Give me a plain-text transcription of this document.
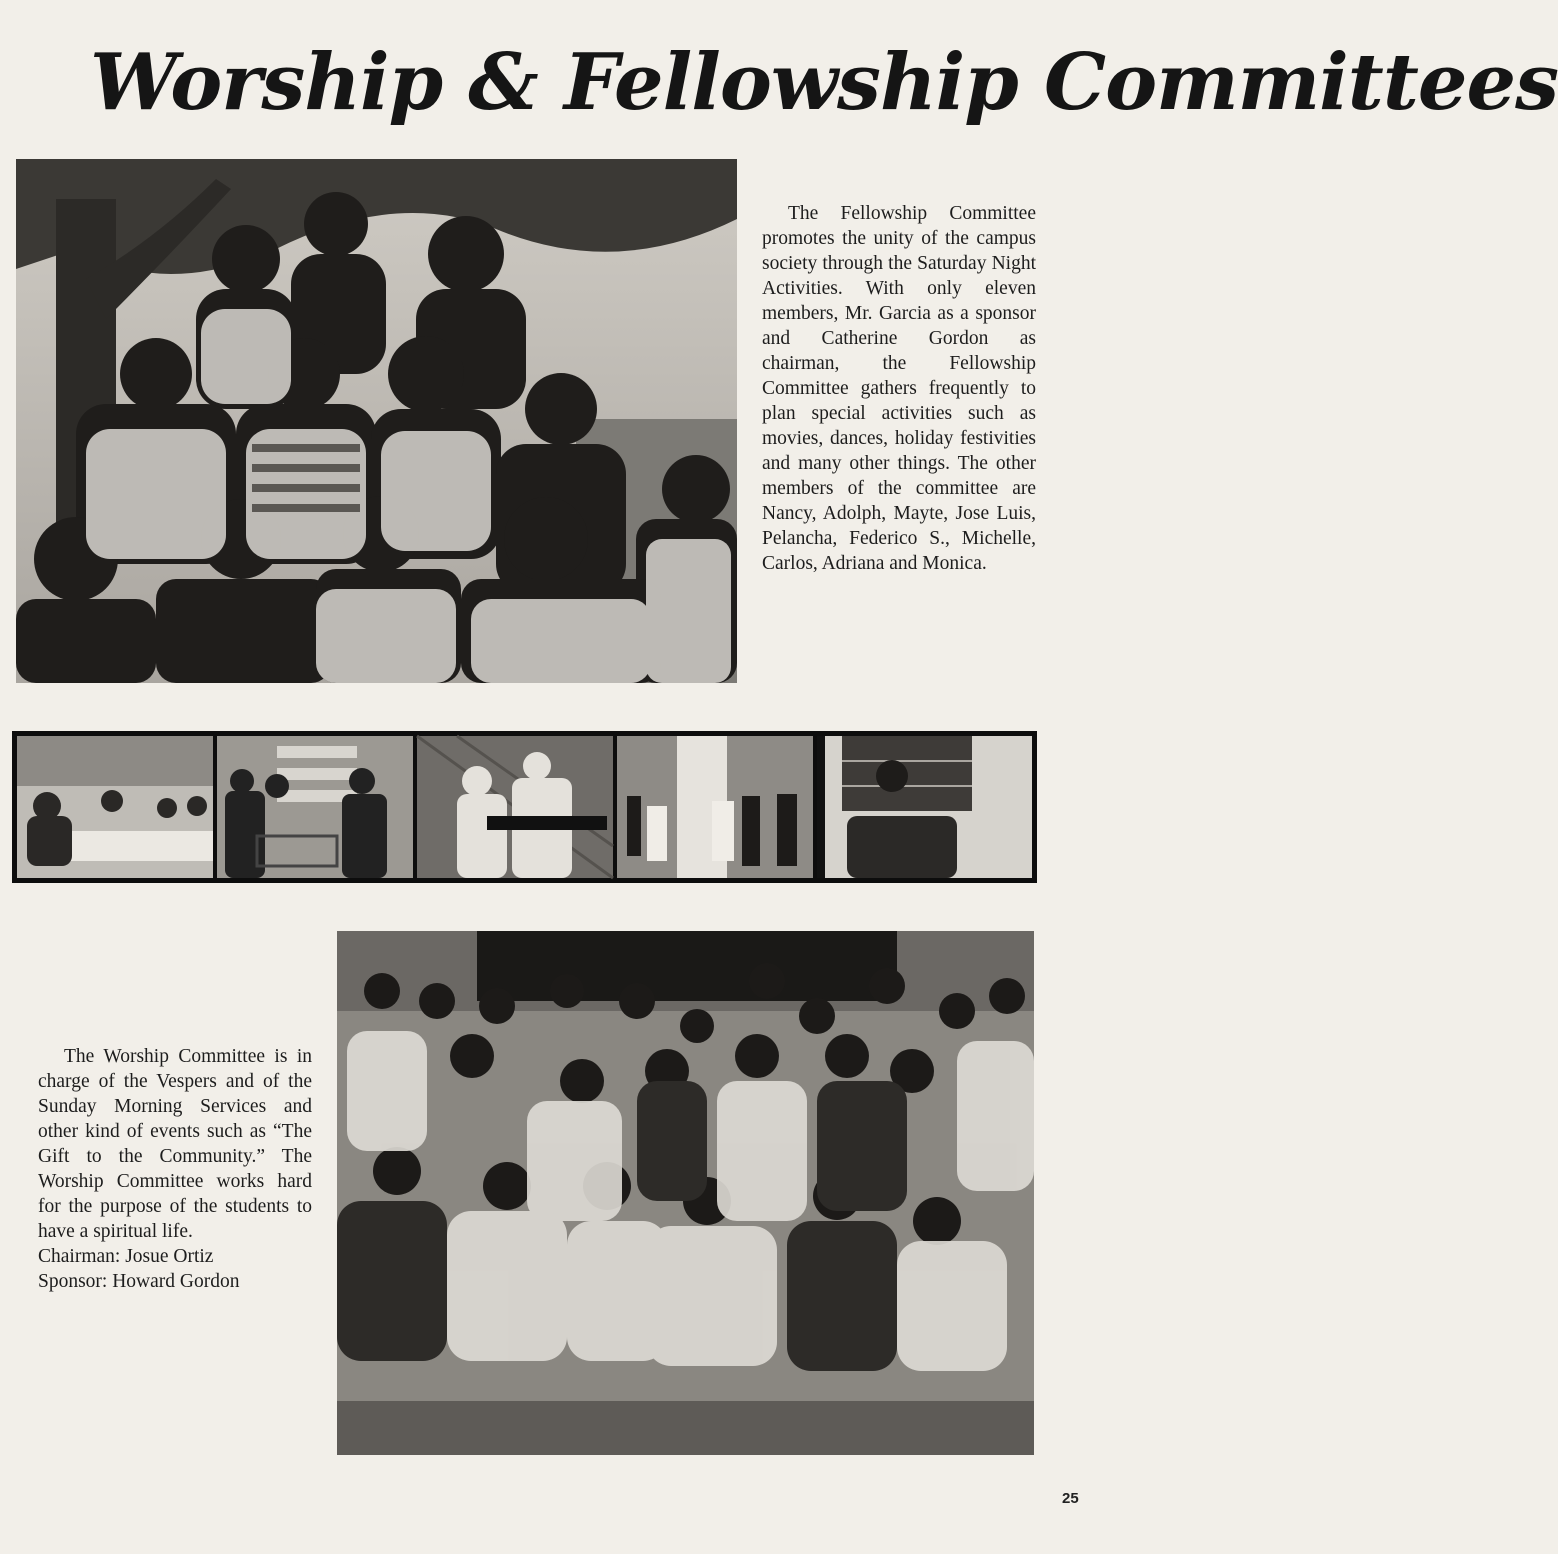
Worship & Fellowship Committees

The Fellowship Committee promotes the unity of the campus society through the Saturday Night Activities. With only eleven members, Mr. Garcia as a sponsor and Catherine Gordon as chairman, the Fellowship Committee gathers frequently to plan special activities such as movies, dances, holiday festivities and many other things. The other members of the committee are Nancy, Adolph, Mayte, Jose Luis, Pelancha, Federico S., Michelle, Carlos, Adriana and Monica.

The Worship Committee is in charge of the Vespers and of the Sunday Morning Services and other kind of events such as “The Gift to the Community.” The Worship Committee works hard for the purpose of the students to have a spiritual life.

Chairman: Josue Ortiz
Sponsor: Howard Gordon
25
